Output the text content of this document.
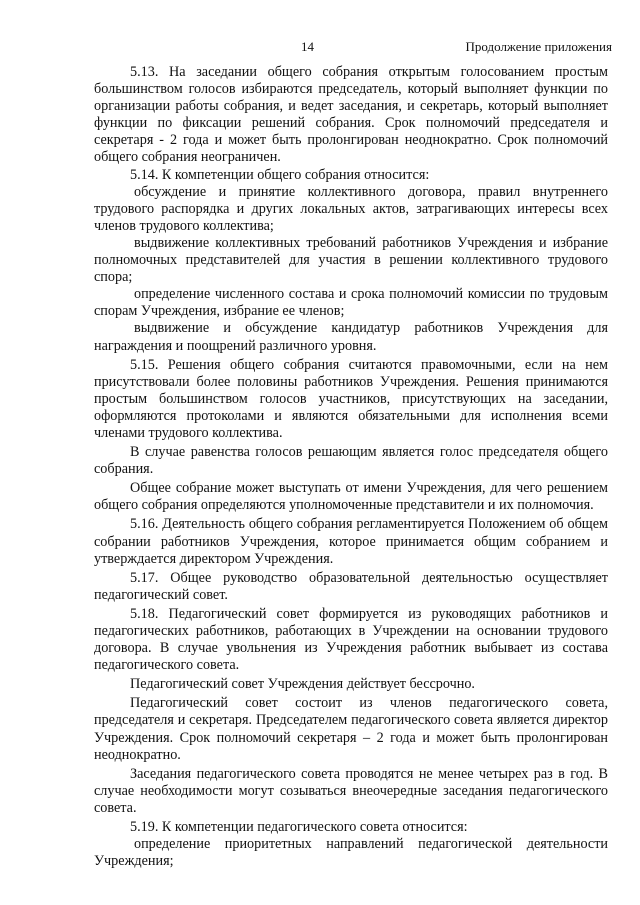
14	Продолжение приложения

5.13. На заседании общего собрания открытым голосованием простым большинством голосов избираются председатель, который выполняет функции по организации работы собрания, и ведет заседания, и секретарь, который выполняет функции по фиксации решений собрания. Срок полномочий председателя и секретаря - 2 года и может быть пролонгирован неоднократно. Срок полномочий общего собрания неограничен.

5.14. К компетенции общего собрания относится:

обсуждение и принятие коллективного договора, правил внутреннего трудового распорядка и других локальных актов, затрагивающих интересы всех членов трудового коллектива;

выдвижение коллективных требований работников Учреждения и избрание полномочных представителей для участия в решении коллективного трудового спора;

определение численного состава и срока полномочий комиссии по трудовым спорам Учреждения, избрание ее членов;

выдвижение и обсуждение кандидатур работников Учреждения для награждения и поощрений различного уровня.

5.15. Решения общего собрания считаются правомочными, если на нем присутствовали более половины работников Учреждения. Решения принимаются простым большинством голосов участников, присутствующих на заседании, оформляются протоколами и являются обязательными для исполнения всеми членами трудового коллектива.

В случае равенства голосов решающим является голос председателя общего собрания.

Общее собрание может выступать от имени Учреждения, для чего решением общего собрания определяются уполномоченные представители и их полномочия.

5.16. Деятельность общего собрания регламентируется Положением об общем собрании работников Учреждения, которое принимается общим собранием и утверждается директором Учреждения.

5.17. Общее руководство образовательной деятельностью осуществляет педагогический совет.

5.18. Педагогический совет формируется из руководящих работников и педагогических работников, работающих в Учреждении на основании трудового договора. В случае увольнения из Учреждения работник выбывает из состава педагогического совета.

Педагогический совет Учреждения действует бессрочно.

Педагогический совет состоит из членов педагогического совета, председателя и секретаря. Председателем педагогического совета является директор Учреждения. Срок полномочий секретаря – 2 года и может быть пролонгирован неоднократно.

Заседания педагогического совета проводятся не менее четырех раз в год. В случае необходимости могут созываться внеочередные заседания педагогического совета.

5.19. К компетенции педагогического совета относится:

определение приоритетных направлений педагогической деятельности Учреждения;
